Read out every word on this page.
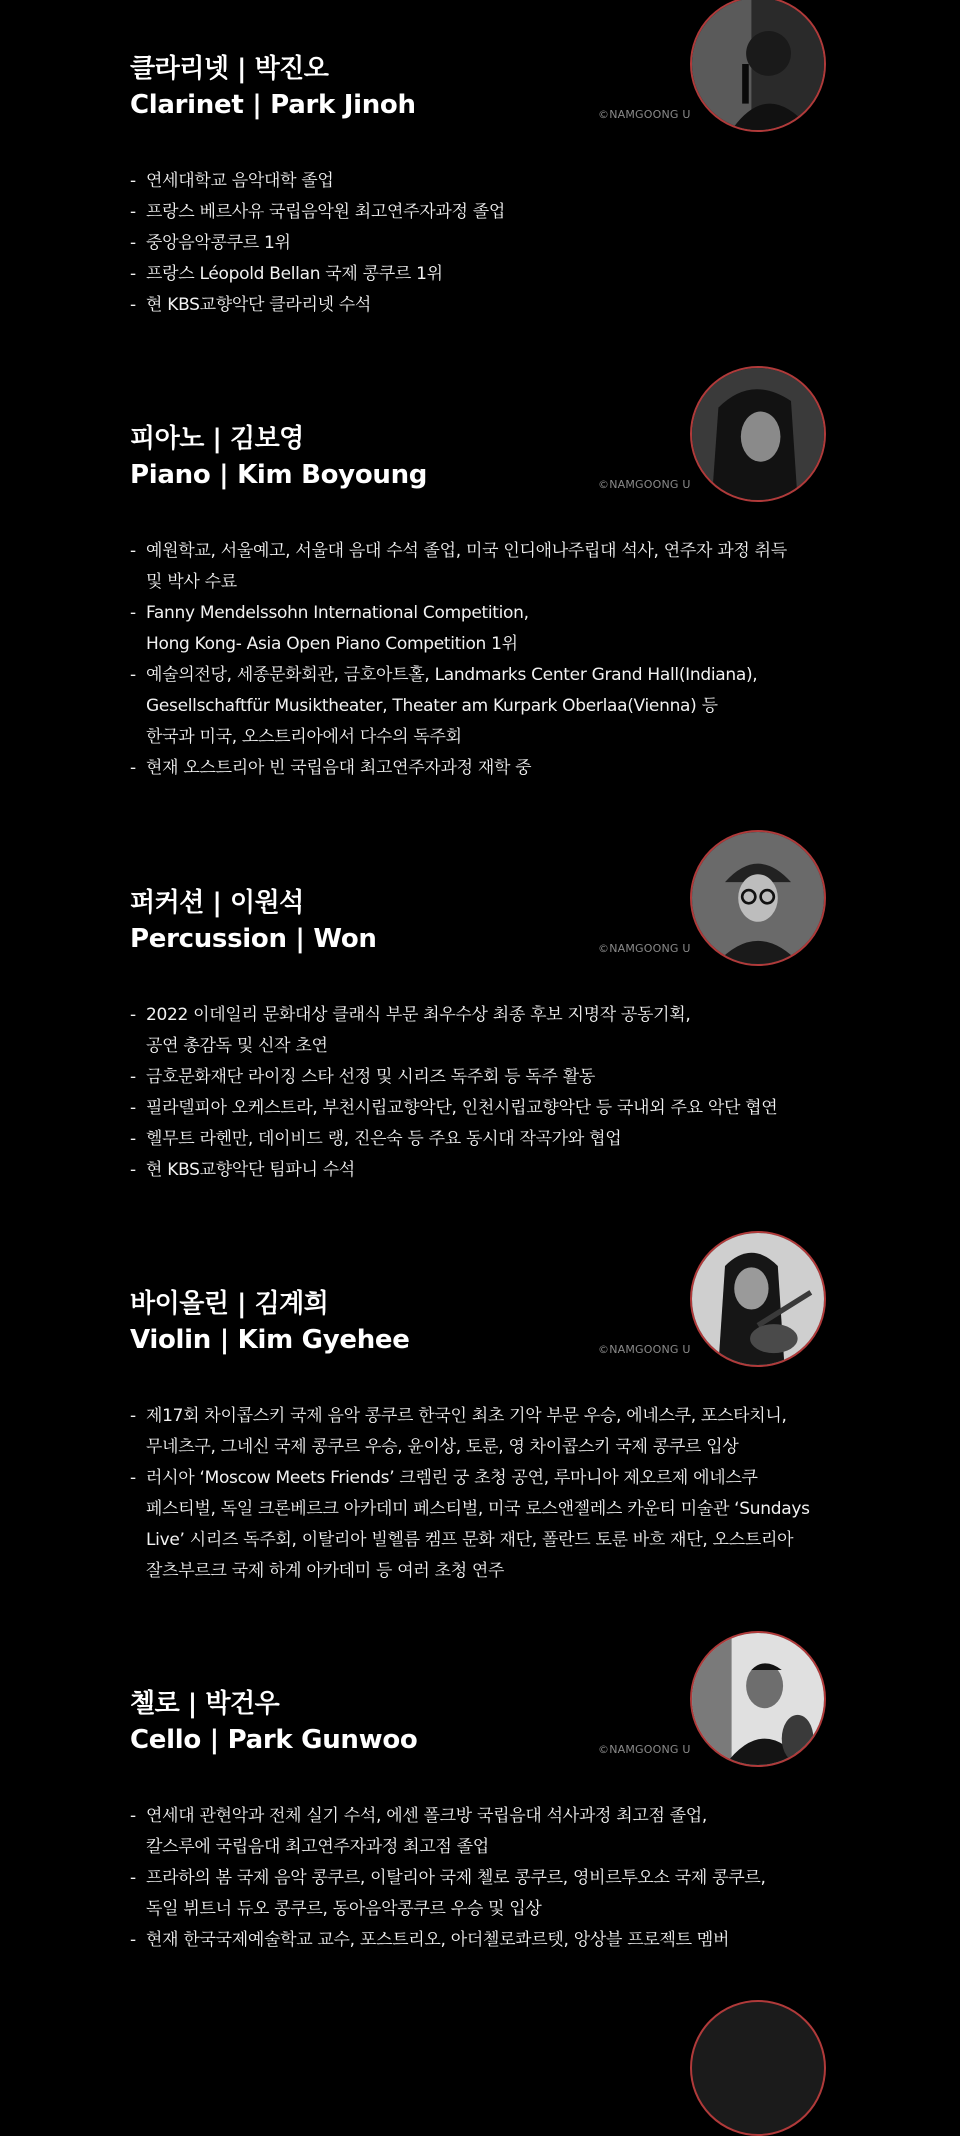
클라리넷 | 박진오
Clarinet | Park Jinoh	©NAMGOONG U
- 연세대학교 음악대학 졸업
- 프랑스 베르사유 국립음악원 최고연주자과정 졸업
- 중앙음악콩쿠르 1위
- 프랑스 Léopold Bellan 국제 콩쿠르 1위
- 현 KBS교향악단 클라리넷 수석
피아노 | 김보영
Piano | Kim Boyoung	©NAMGOONG U
- 예원학교, 서울예고, 서울대 음대 수석 졸업, 미국 인디애나주립대 석사, 연주자 과정 취득
및 박사 수료
- Fanny Mendelssohn International Competition,
Hong Kong- Asia Open Piano Competition 1위
- 예술의전당, 세종문화회관, 금호아트홀, Landmarks Center Grand Hall(Indiana),
Gesellschaftfür Musiktheater, Theater am Kurpark Oberlaa(Vienna) 등
한국과 미국, 오스트리아에서 다수의 독주회
- 현재 오스트리아 빈 국립음대 최고연주자과정 재학 중
퍼커션 | 이원석
Percussion | Won	©NAMGOONG U
- 2022 이데일리 문화대상 클래식 부문 최우수상 최종 후보 지명작 공동기획,
공연 총감독 및 신작 초연
- 금호문화재단 라이징 스타 선정 및 시리즈 독주회 등 독주 활동
- 필라델피아 오케스트라, 부천시립교향악단, 인천시립교향악단 등 국내외 주요 악단 협연
- 헬무트 라헨만, 데이비드 랭, 진은숙 등 주요 동시대 작곡가와 협업
- 현 KBS교향악단 팀파니 수석
바이올린 | 김계희
Violin | Kim Gyehee	©NAMGOONG U
- 제17회 차이콥스키 국제 음악 콩쿠르 한국인 최초 기악 부문 우승, 에네스쿠, 포스타치니,
무네츠구, 그네신 국제 콩쿠르 우승, 윤이상, 토룬, 영 차이콥스키 국제 콩쿠르 입상
- 러시아 ‘Moscow Meets Friends’ 크렘린 궁 초청 공연, 루마니아 제오르제 에네스쿠
페스티벌, 독일 크론베르크 아카데미 페스티벌, 미국 로스앤젤레스 카운티 미술관 ‘Sundays
Live’ 시리즈 독주회, 이탈리아 빌헬름 켐프 문화 재단, 폴란드 토룬 바흐 재단, 오스트리아
잘츠부르크 국제 하계 아카데미 등 여러 초청 연주
첼로 | 박건우
Cello | Park Gunwoo	©NAMGOONG U
- 연세대 관현악과 전체 실기 수석, 에센 폴크방 국립음대 석사과정 최고점 졸업,
칼스루에 국립음대 최고연주자과정 최고점 졸업
- 프라하의 봄 국제 음악 콩쿠르, 이탈리아 국제 첼로 콩쿠르, 영비르투오소 국제 콩쿠르,
독일 뷔트너 듀오 콩쿠르, 동아음악콩쿠르 우승 및 입상
- 현재 한국국제예술학교 교수, 포스트리오, 아더첼로콰르텟, 앙상블 프로젝트 멤버
